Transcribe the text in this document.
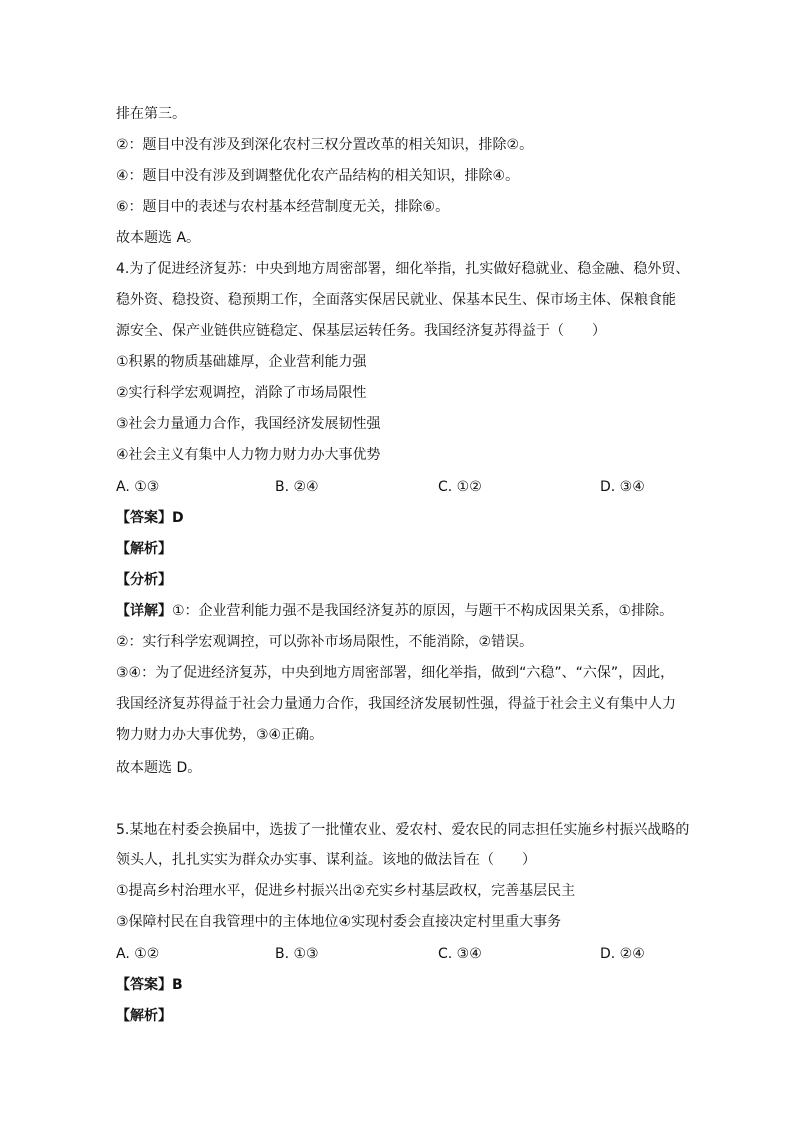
排在第三。
②：题目中没有涉及到深化农村三权分置改革的相关知识，排除②。
④：题目中没有涉及到调整优化农产品结构的相关知识，排除④。
⑥：题目中的表述与农村基本经营制度无关，排除⑥。
故本题选 A。
4.为了促进经济复苏：中央到地方周密部署，细化举指，扎实做好稳就业、稳金融、稳外贸、
稳外资、稳投资、稳预期工作，全面落实保居民就业、保基本民生、保市场主体、保粮食能
源安全、保产业链供应链稳定、保基层运转任务。我国经济复苏得益于（　　）
①积累的物质基础雄厚，企业营利能力强
②实行科学宏观调控，消除了市场局限性
③社会力量通力合作，我国经济发展韧性强
④社会主义有集中人力物力财力办大事优势
A. ①③	B. ②④	C. ①②	D. ③④
【答案】D
【解析】
【分析】
【详解】①：企业营利能力强不是我国经济复苏的原因，与题干不构成因果关系，①排除。
②：实行科学宏观调控，可以弥补市场局限性，不能消除，②错误。
③④：为了促进经济复苏，中央到地方周密部署，细化举指，做到“六稳”、“六保”，因此，
我国经济复苏得益于社会力量通力合作，我国经济发展韧性强，得益于社会主义有集中人力
物力财力办大事优势，③④正确。
故本题选 D。
5.某地在村委会换届中，选拔了一批懂农业、爱农村、爱农民的同志担任实施乡村振兴战略的
领头人，扎扎实实为群众办实事、谋利益。该地的做法旨在（　　）
①提高乡村治理水平，促进乡村振兴出②充实乡村基层政权，完善基层民主
③保障村民在自我管理中的主体地位④实现村委会直接决定村里重大事务
A. ①②	B. ①③	C. ③④	D. ②④
【答案】B
【解析】
